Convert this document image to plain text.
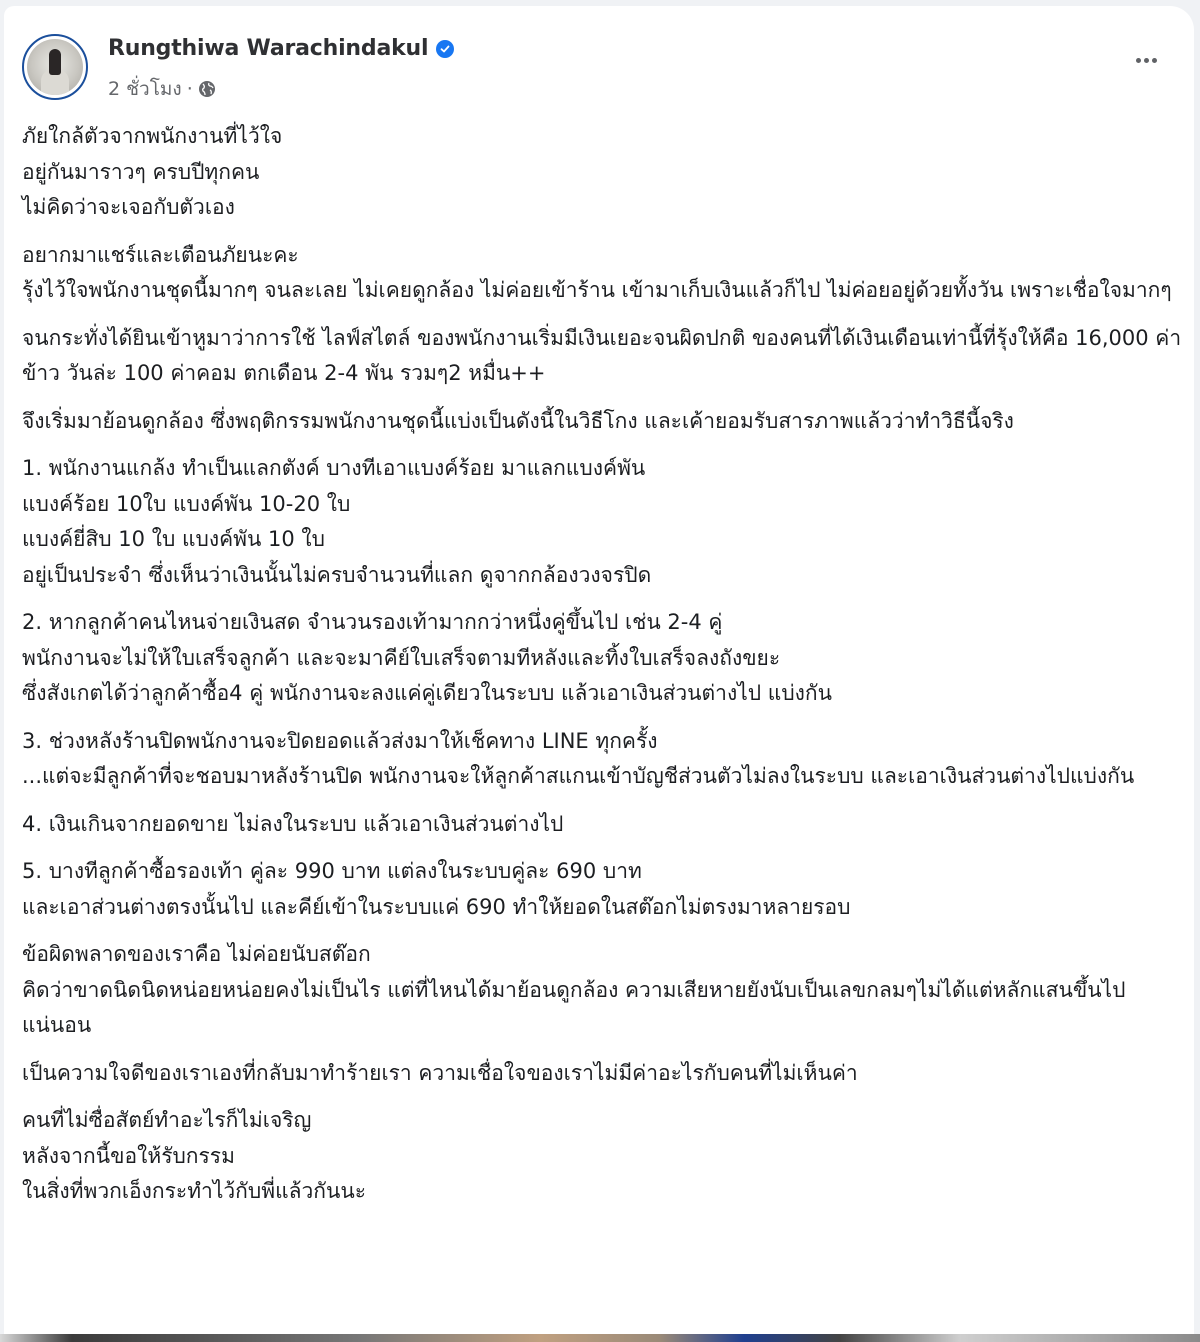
Rungthiwa Warachindakul
2 ชั่วโมง ·
ภัยใกล้ตัวจากพนักงานที่ไว้ใจ
อยู่กันมาราวๆ ครบปีทุกคน
ไม่คิดว่าจะเจอกับตัวเอง
อยากมาแชร์และเตือนภัยนะคะ
รุ้งไว้ใจพนักงานชุดนี้มากๆ จนละเลย ไม่เคยดูกล้อง ไม่ค่อยเข้าร้าน เข้ามาเก็บเงินแล้วก็ไป ไม่ค่อยอยู่ด้วยทั้งวัน เพราะเชื่อใจมากๆ
จนกระทั่งได้ยินเข้าหูมาว่าการใช้ ไลฟ์สไตล์ ของพนักงานเริ่มมีเงินเยอะจนผิดปกติ ของคนที่ได้เงินเดือนเท่านี้ที่รุ้งให้คือ 16,000 ค่าข้าว วันล่ะ 100 ค่าคอม ตกเดือน 2-4 พัน รวมๆ2 หมื่น++
จึงเริ่มมาย้อนดูกล้อง ซึ่งพฤติกรรมพนักงานชุดนี้แบ่งเป็นดังนี้ในวิธีโกง และเค้ายอมรับสารภาพแล้วว่าทำวิธีนี้จริง
1. พนักงานแกล้ง ทำเป็นแลกตังค์ บางทีเอาแบงค์ร้อย มาแลกแบงค์พัน
แบงค์ร้อย 10ใบ แบงค์พัน 10-20 ใบ
แบงค์ยี่สิบ 10 ใบ แบงค์พัน 10 ใบ
อยู่เป็นประจำ ซึ่งเห็นว่าเงินนั้นไม่ครบจำนวนที่แลก ดูจากกล้องวงจรปิด
2. หากลูกค้าคนไหนจ่ายเงินสด จำนวนรองเท้ามากกว่าหนึ่งคู่ขึ้นไป เช่น 2-4 คู่
พนักงานจะไม่ให้ใบเสร็จลูกค้า และจะมาคีย์ใบเสร็จตามทีหลังและทิ้งใบเสร็จลงถังขยะ
ซึ่งสังเกตได้ว่าลูกค้าซื้อ4 คู่ พนักงานจะลงแค่คู่เดียวในระบบ แล้วเอาเงินส่วนต่างไป แบ่งกัน
3. ช่วงหลังร้านปิดพนักงานจะปิดยอดแล้วส่งมาให้เช็คทาง LINE ทุกครั้ง
...แต่จะมีลูกค้าที่จะชอบมาหลังร้านปิด พนักงานจะให้ลูกค้าสแกนเข้าบัญชีส่วนตัวไม่ลงในระบบ และเอาเงินส่วนต่างไปแบ่งกัน
4. เงินเกินจากยอดขาย ไม่ลงในระบบ แล้วเอาเงินส่วนต่างไป
5. บางทีลูกค้าซื้อรองเท้า คู่ละ 990 บาท แต่ลงในระบบคู่ละ 690 บาท
และเอาส่วนต่างตรงนั้นไป และคีย์เข้าในระบบแค่ 690 ทำให้ยอดในสต๊อกไม่ตรงมาหลายรอบ
ข้อผิดพลาดของเราคือ ไม่ค่อยนับสต๊อก
คิดว่าขาดนิดนิดหน่อยหน่อยคงไม่เป็นไร แต่ที่ไหนได้มาย้อนดูกล้อง ความเสียหายยังนับเป็นเลขกลมๆไม่ได้แต่หลักแสนขึ้นไปแน่นอน
เป็นความใจดีของเราเองที่กลับมาทำร้ายเรา ความเชื่อใจของเราไม่มีค่าอะไรกับคนที่ไม่เห็นค่า
คนที่ไม่ซื่อสัตย์ทำอะไรก็ไม่เจริญ
หลังจากนี้ขอให้รับกรรม
ในสิ่งที่พวกเอ็งกระทำไว้กับพี่แล้วกันนะ
